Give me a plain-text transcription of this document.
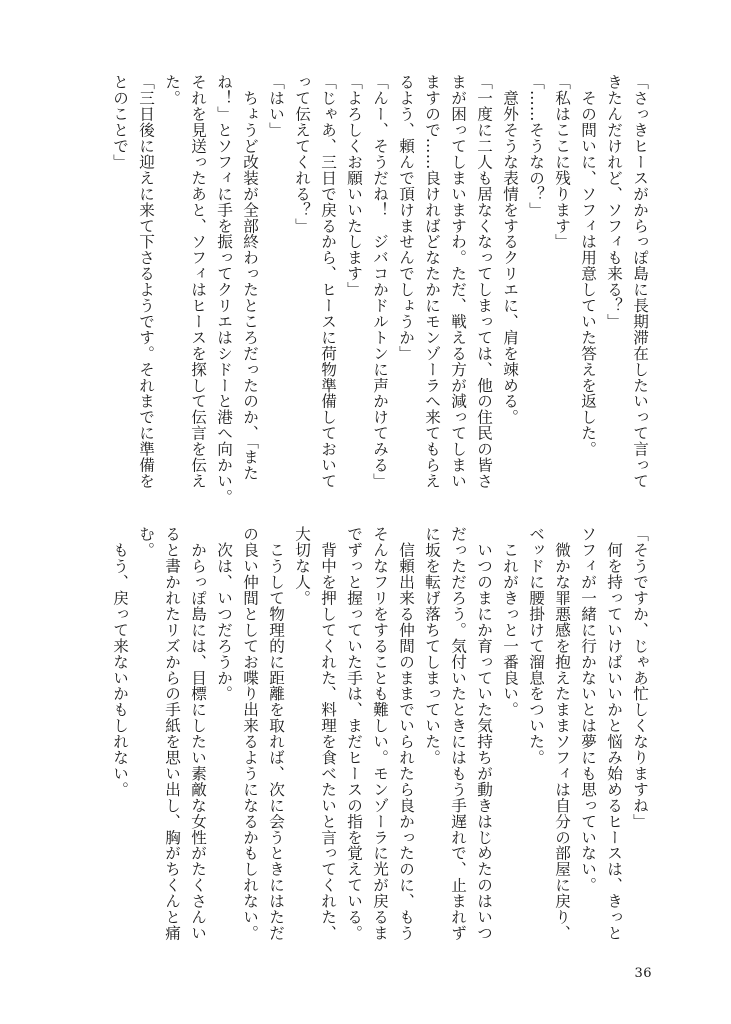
「さっきヒースがからっぽ島に長期滞在したいって言って
きたんだけれど、ソフィも来る？」
　その問いに、ソフィは用意していた答えを返した。
「私はここに残ります」
「……そうなの？」
　意外そうな表情をするクリエに、肩を竦める。
「一度に二人も居なくなってしまっては、他の住民の皆さ
まが困ってしまいますわ。ただ、戦える方が減ってしまい
ますので……良ければどなたかにモンゾーラへ来てもらえ
るよう、頼んで頂けませんでしょうか」
「んー、そうだね！　ジバコかドルトンに声かけてみる」
「よろしくお願いいたします」
「じゃあ、三日で戻るから、ヒースに荷物準備しておいて
って伝えてくれる？」
「はい」
　ちょうど改装が全部終わったところだったのか、「また
ね！」とソフィに手を振ってクリエはシドーと港へ向かい。
それを見送ったあと、ソフィはヒースを探して伝言を伝え
た。
「三日後に迎えに来て下さるようです。それまでに準備を
とのことで」
「そうですか、じゃあ忙しくなりますね」
　何を持っていけばいいかと悩み始めるヒースは、きっと
ソフィが一緒に行かないとは夢にも思っていない。
　微かな罪悪感を抱えたままソフィは自分の部屋に戻り、
ベッドに腰掛けて溜息をついた。
　これがきっと一番良い。
　いつのまにか育っていた気持ちが動きはじめたのはいつ
だっただろう。気付いたときにはもう手遅れで、止まれず
に坂を転げ落ちてしまっていた。
　信頼出来る仲間のままでいられたら良かったのに、もう
そんなフリをすることも難しい。モンゾーラに光が戻るま
でずっと握っていた手は、まだヒースの指を覚えている。
　背中を押してくれた、料理を食べたいと言ってくれた、
大切な人。
　こうして物理的に距離を取れば、次に会うときにはただ
の良い仲間としてお喋り出来るようになるかもしれない。
　次は、いつだろうか。
　からっぽ島には、目標にしたい素敵な女性がたくさんい
ると書かれたリズからの手紙を思い出し、胸がちくんと痛
む。
　もう、戻って来ないかもしれない。
36
